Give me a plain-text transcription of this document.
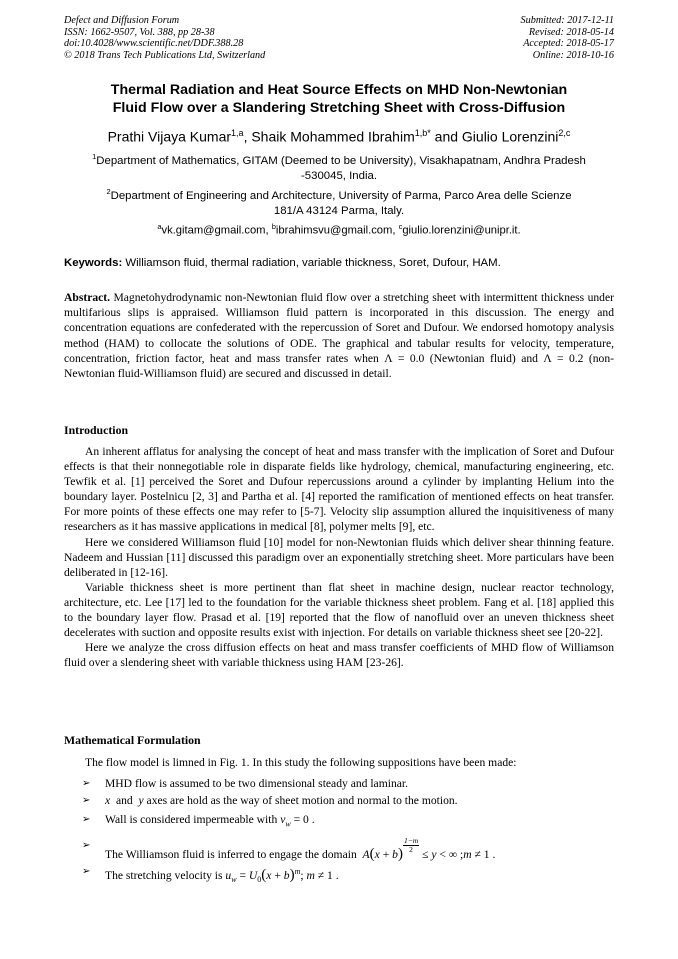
Defect and Diffusion Forum
ISSN: 1662-9507, Vol. 388, pp 28-38
doi:10.4028/www.scientific.net/DDF.388.28
© 2018 Trans Tech Publications Ltd, Switzerland
Submitted: 2017-12-11
Revised: 2018-05-14
Accepted: 2018-05-17
Online: 2018-10-16
Thermal Radiation and Heat Source Effects on MHD Non-Newtonian
Fluid Flow over a Slandering Stretching Sheet with Cross-Diffusion
Prathi Vijaya Kumar$^{1,a}$, Shaik Mohammed Ibrahim$^{1,b*}$ and Giulio Lorenzini$^{2,c}$
$^1$Department of Mathematics, GITAM (Deemed to be University), Visakhapatnam, Andhra Pradesh
-530045, India.
$^2$Department of Engineering and Architecture, University of Parma, Parco Area delle Scienze
181/A 43124 Parma, Italy.
$^a$vk.gitam@gmail.com, $^b$ibrahimsvu@gmail.com, $^c$giulio.lorenzini@unipr.it.
Keywords: Williamson fluid, thermal radiation, variable thickness, Soret, Dufour, HAM.
Abstract. Magnetohydrodynamic non-Newtonian fluid flow over a stretching sheet with intermittent thickness under multifarious slips is appraised. Williamson fluid pattern is incorporated in this discussion. The energy and concentration equations are confederated with the repercussion of Soret and Dufour. We endorsed homotopy analysis method (HAM) to collocate the solutions of ODE. The graphical and tabular results for velocity, temperature, concentration, friction factor, heat and mass transfer rates when Λ = 0.0 (Newtonian fluid) and Λ = 0.2 (non-Newtonian fluid-Williamson fluid) are secured and discussed in detail.
Introduction

An inherent afflatus for analysing the concept of heat and mass transfer with the implication of Soret and Dufour effects is that their nonnegotiable role in disparate fields like hydrology, chemical, manufacturing engineering, etc. Tewfik et al. [1] perceived the Soret and Dufour repercussions around a cylinder by implanting Helium into the boundary layer. Postelnicu [2, 3] and Partha et al. [4] reported the ramification of mentioned effects on heat transfer. For more points of these effects one may refer to [5-7]. Velocity slip assumption allured the inquisitiveness of many researchers as it has massive applications in medical [8], polymer melts [9], etc.

Here we considered Williamson fluid [10] model for non-Newtonian fluids which deliver shear thinning feature. Nadeem and Hussian [11] discussed this paradigm over an exponentially stretching sheet. More particulars have been deliberated in [12-16].

Variable thickness sheet is more pertinent than flat sheet in machine design, nuclear reactor technology, architecture, etc. Lee [17] led to the foundation for the variable thickness sheet problem. Fang et al. [18] applied this to the boundary layer flow. Prasad et al. [19] reported that the flow of nanofluid over an uneven thickness sheet decelerates with suction and opposite results exist with injection. For details on variable thickness sheet see [20-22].

Here we analyze the cross diffusion effects on heat and mass transfer coefficients of MHD flow of Williamson fluid over a slendering sheet with variable thickness using HAM [23-26].

Mathematical Formulation

The flow model is limned in Fig. 1. In this study the following suppositions have been made:

➢ MHD flow is assumed to be two dimensional steady and laminar.
➢ x  and  y axes are hold as the way of sheet motion and normal to the motion.
➢ Wall is considered impermeable with $v_w = 0$ .
➢
The Williamson fluid is inferred to engage the domain  $A(x + b) \frac{1-m}{2}$
≤ y < ∞ ;m ≠ 1 .
➢ The stretching velocity is $u_w = U_0(x + b)^m$; m ≠ 1 .
